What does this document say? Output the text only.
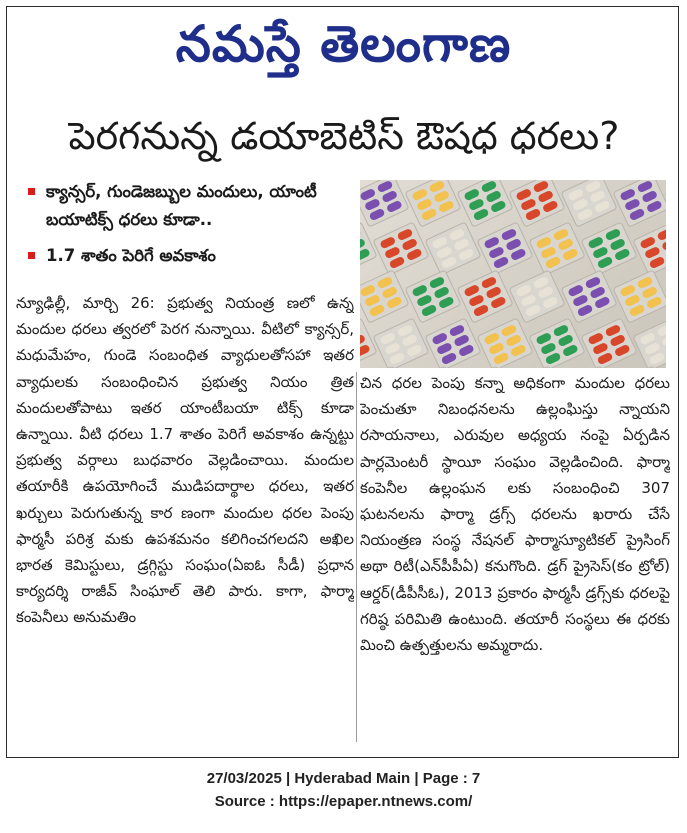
నమస్తే తెలంగాణ
పెరగనున్న డయాబెటిస్ ఔషధ ధరలు?
క్యాన్సర్, గుండెజబ్బుల మందులు, యాంటీ బయాటిక్స్ ధరలు కూడా..
1.7 శాతం పెరిగే అవకాశం
న్యూఢిల్లీ, మార్చి 26: ప్రభుత్వ నియంత్ర ణలో ఉన్న మందుల ధరలు త్వరలో పెరగ నున్నాయి. వీటిలో క్యాన్సర్, మధుమేహం, గుండె సంబంధిత వ్యాధులతోసహా ఇతర వ్యాధులకు సంబంధించిన ప్రభుత్వ నియం త్రిత మందులతోపాటు ఇతర యాంటీబయా టిక్స్ కూడా ఉన్నాయి. వీటి ధరలు 1.7 శాతం పెరిగే అవకాశం ఉన్నట్టు ప్రభుత్వ వర్గాలు బుధవారం వెల్లడించాయి. మందుల తయారీకి ఉపయోగించే ముడిపదార్థాల ధరలు, ఇతర ఖర్చులు పెరుగుతున్న కార ణంగా మందుల ధరల పెంపు ఫార్మసీ పరిశ్ర మకు ఉపశమనం కలిగించగలదని అఖిల భారత కెమిస్టులు, డ్రగ్గిస్టు సంఘం(ఏఐఓ సీడీ) ప్రధాన కార్యదర్శి రాజీవ్ సింఘాల్ తెలి పారు. కాగా, ఫార్మా కంపెనీలు అనుమతిం
చిన ధరల పెంపు కన్నా అధికంగా మందుల ధరలు పెంచుతూ నిబంధనలను ఉల్లంఘిస్తు న్నాయని రసాయనాలు, ఎరువుల అధ్యయ నంపై ఏర్పడిన పార్లమెంటరీ స్థాయీ సంఘం వెల్లడించింది. ఫార్మా కంపెనీల ఉల్లంఘన లకు సంబంధించి 307 ఘటనలను ఫార్మా డ్రగ్స్ ధరలను ఖరారు చేసే నియంత్రణ సంస్థ నేషనల్ ఫార్మాస్యూటికల్ ప్రైసింగ్ అథా రిటీ(ఎన్‌పీపీఏ) కనుగొంది. డ్రగ్ ప్రైసెస్(కం ట్రోల్) ఆర్డర్(డీపీసీఓ), 2013 ప్రకారం ఫార్మసీ డ్రగ్స్‌కు ధరలపై గరిష్ఠ పరిమితి ఉంటుంది. తయారీ సంస్థలు ఈ ధరకు మించి ఉత్పత్తులను అమ్మరాదు.
27/03/2025 | Hyderabad Main | Page : 7
Source : https://epaper.ntnews.com/
